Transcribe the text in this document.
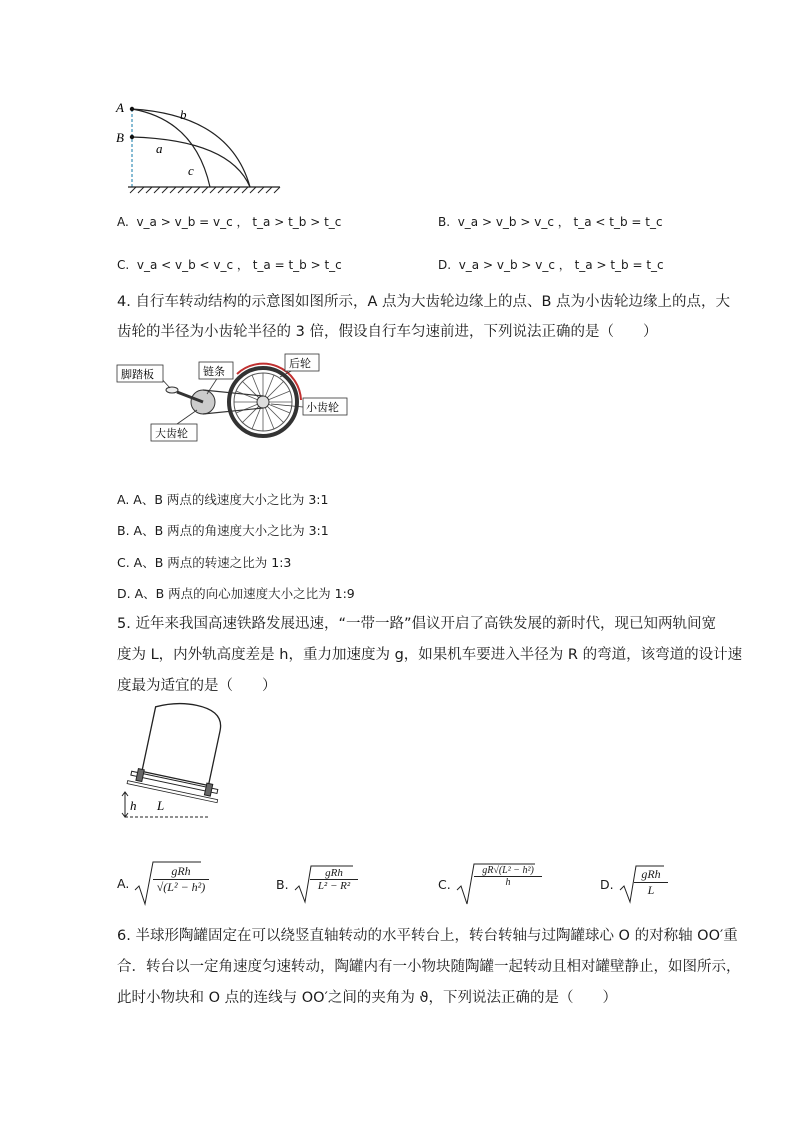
A
B
b
a
c
A. v_a > v_b = v_c ， t_a > t_b > t_c	B. v_a > v_b > v_c ， t_a < t_b = t_c
C. v_a < v_b < v_c ， t_a = t_b > t_c	D. v_a > v_b > v_c ， t_a > t_b = t_c
4. 自行车转动结构的示意图如图所示，A 点为大齿轮边缘上的点、B 点为小齿轮边缘上的点，大
齿轮的半径为小齿轮半径的 3 倍，假设自行车匀速前进，下列说法正确的是（　　）
脚踏板	链条
后轮
小齿轮
大齿轮
A. A、B 两点的线速度大小之比为 3:1
B. A、B 两点的角速度大小之比为 3:1
C. A、B 两点的转速之比为 1:3
D. A、B 两点的向心加速度大小之比为 1:9
5. 近年来我国高速铁路发展迅速，“一带一路”倡议开启了高铁发展的新时代，现已知两轨间宽
度为 L，内外轨高度差是 h，重力加速度为 g，如果机车要进入半径为 R 的弯道，该弯道的设计速
度最为适宜的是（　　）
h L
A.
gRh
√(L² − h²)	B.
gRh
L² − R²	C. $\frac{\text{gR√(L² − h²)}}{h}$	D.
gRh
L
6. 半球形陶罐固定在可以绕竖直轴转动的水平转台上，转台转轴与过陶罐球心 O 的对称轴 OO′重
合．转台以一定角速度匀速转动，陶罐内有一小物块随陶罐一起转动且相对罐壁静止，如图所示，
此时小物块和 O 点的连线与 OO′之间的夹角为 ϑ，下列说法正确的是（　　）
